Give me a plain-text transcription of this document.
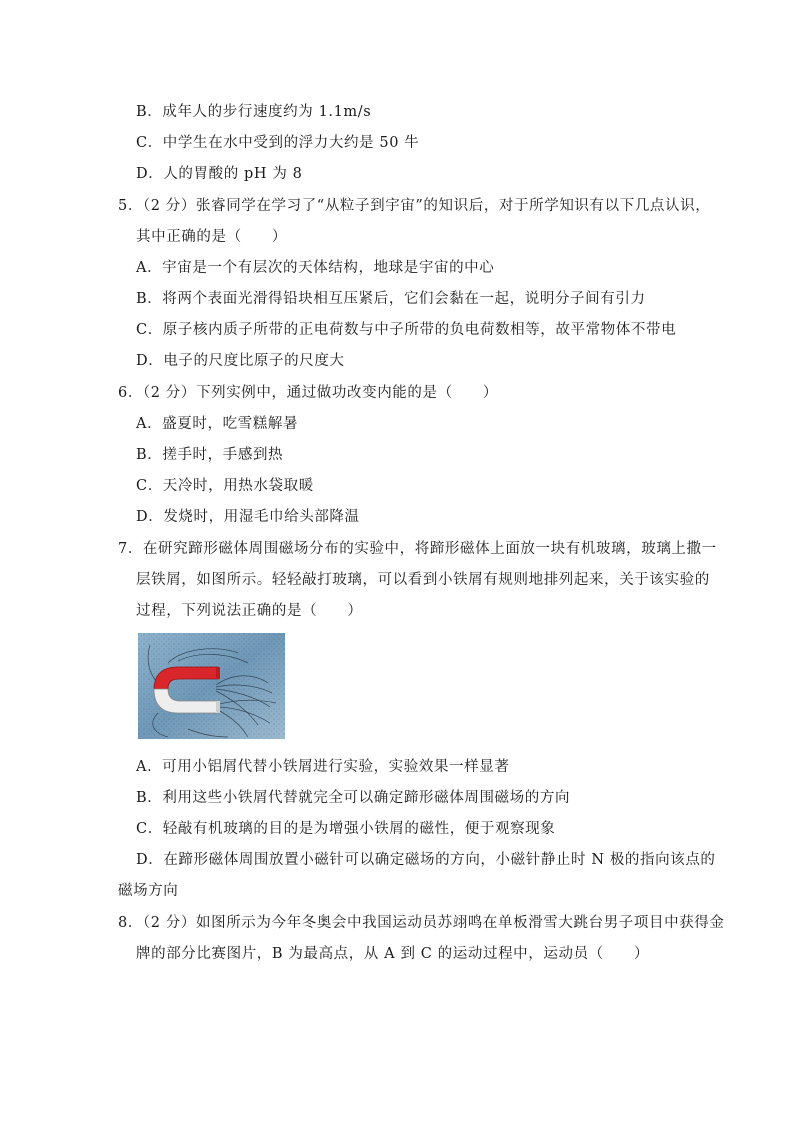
B．成年人的步行速度约为 1.1m/s
C．中学生在水中受到的浮力大约是 50 牛
D．人的胃酸的 pH 为 8
5．（2 分）张睿同学在学习了“从粒子到宇宙”的知识后，对于所学知识有以下几点认识，
其中正确的是（　　）
A．宇宙是一个有层次的天体结构，地球是宇宙的中心
B．将两个表面光滑得铅块相互压紧后，它们会黏在一起，说明分子间有引力
C．原子核内质子所带的正电荷数与中子所带的负电荷数相等，故平常物体不带电
D．电子的尺度比原子的尺度大
6．（2 分）下列实例中，通过做功改变内能的是（　　）
A．盛夏时，吃雪糕解暑
B．搓手时，手感到热
C．天冷时，用热水袋取暖
D．发烧时，用湿毛巾给头部降温
7．在研究蹄形磁体周围磁场分布的实验中，将蹄形磁体上面放一块有机玻璃，玻璃上撒一
层铁屑，如图所示。轻轻敲打玻璃，可以看到小铁屑有规则地排列起来，关于该实验的
过程，下列说法正确的是（　　）
A．可用小铝屑代替小铁屑进行实验，实验效果一样显著
B．利用这些小铁屑代替就完全可以确定蹄形磁体周围磁场的方向
C．轻敲有机玻璃的目的是为增强小铁屑的磁性，便于观察现象
D．在蹄形磁体周围放置小磁针可以确定磁场的方向，小磁针静止时 N 极的指向该点的
磁场方向
8．（2 分）如图所示为今年冬奥会中我国运动员苏翊鸣在单板滑雪大跳台男子项目中获得金
牌的部分比赛图片，B 为最高点，从 A 到 C 的运动过程中，运动员（　　）
